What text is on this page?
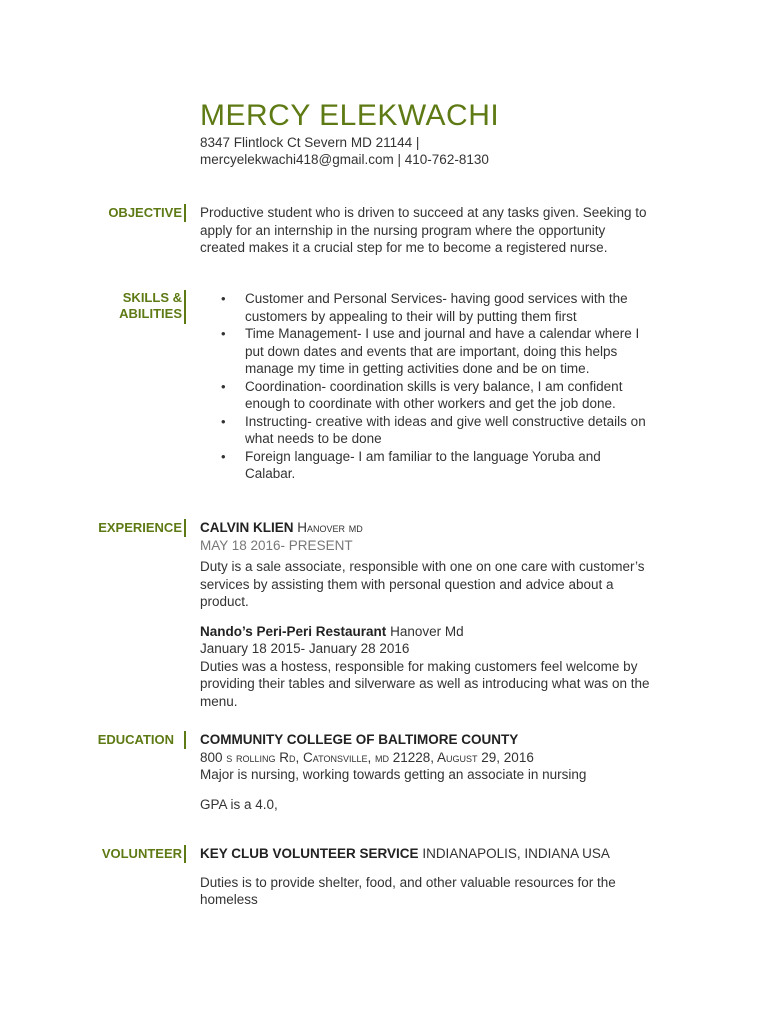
MERCY ELEKWACHI
8347 Flintlock Ct Severn MD 21144 |
mercyelekwachi418@gmail.com | 410-762-8130
OBJECTIVE Productive student who is driven to succeed at any tasks given. Seeking to apply for an internship in the nursing program where the opportunity created makes it a crucial step for me to become a registered nurse.
SKILLS &
ABILITIES
• Customer and Personal Services- having good services with the customers by appealing to their will by putting them first
• Time Management- I use and journal and have a calendar where I put down dates and events that are important, doing this helps manage my time in getting activities done and be on time.
• Coordination- coordination skills is very balance, I am confident enough to coordinate with other workers and get the job done.
• Instructing- creative with ideas and give well constructive details on what needs to be done
• Foreign language- I am familiar to the language Yoruba and Calabar.
EXPERIENCE CALVIN KLIEN Hanover md
MAY 18 2016- PRESENT

Duty is a sale associate, responsible with one on one care with customer’s services by assisting them with personal question and advice about a product.

Nando’s Peri-Peri Restaurant Hanover Md
January 18 2015- January 28 2016

Duties was a hostess, responsible for making customers feel welcome by providing their tables and silverware as well as introducing what was on the menu.

EDUCATION COMMUNITY COLLEGE OF BALTIMORE COUNTY
800 s rolling Rd, Catonsville, md 21228, August 29, 2016
Major is nursing, working towards getting an associate in nursing
GPA is a 4.0,
VOLUNTEER KEY CLUB VOLUNTEER SERVICE INDIANAPOLIS, INDIANA USA

Duties is to provide shelter, food, and other valuable resources for the homeless
